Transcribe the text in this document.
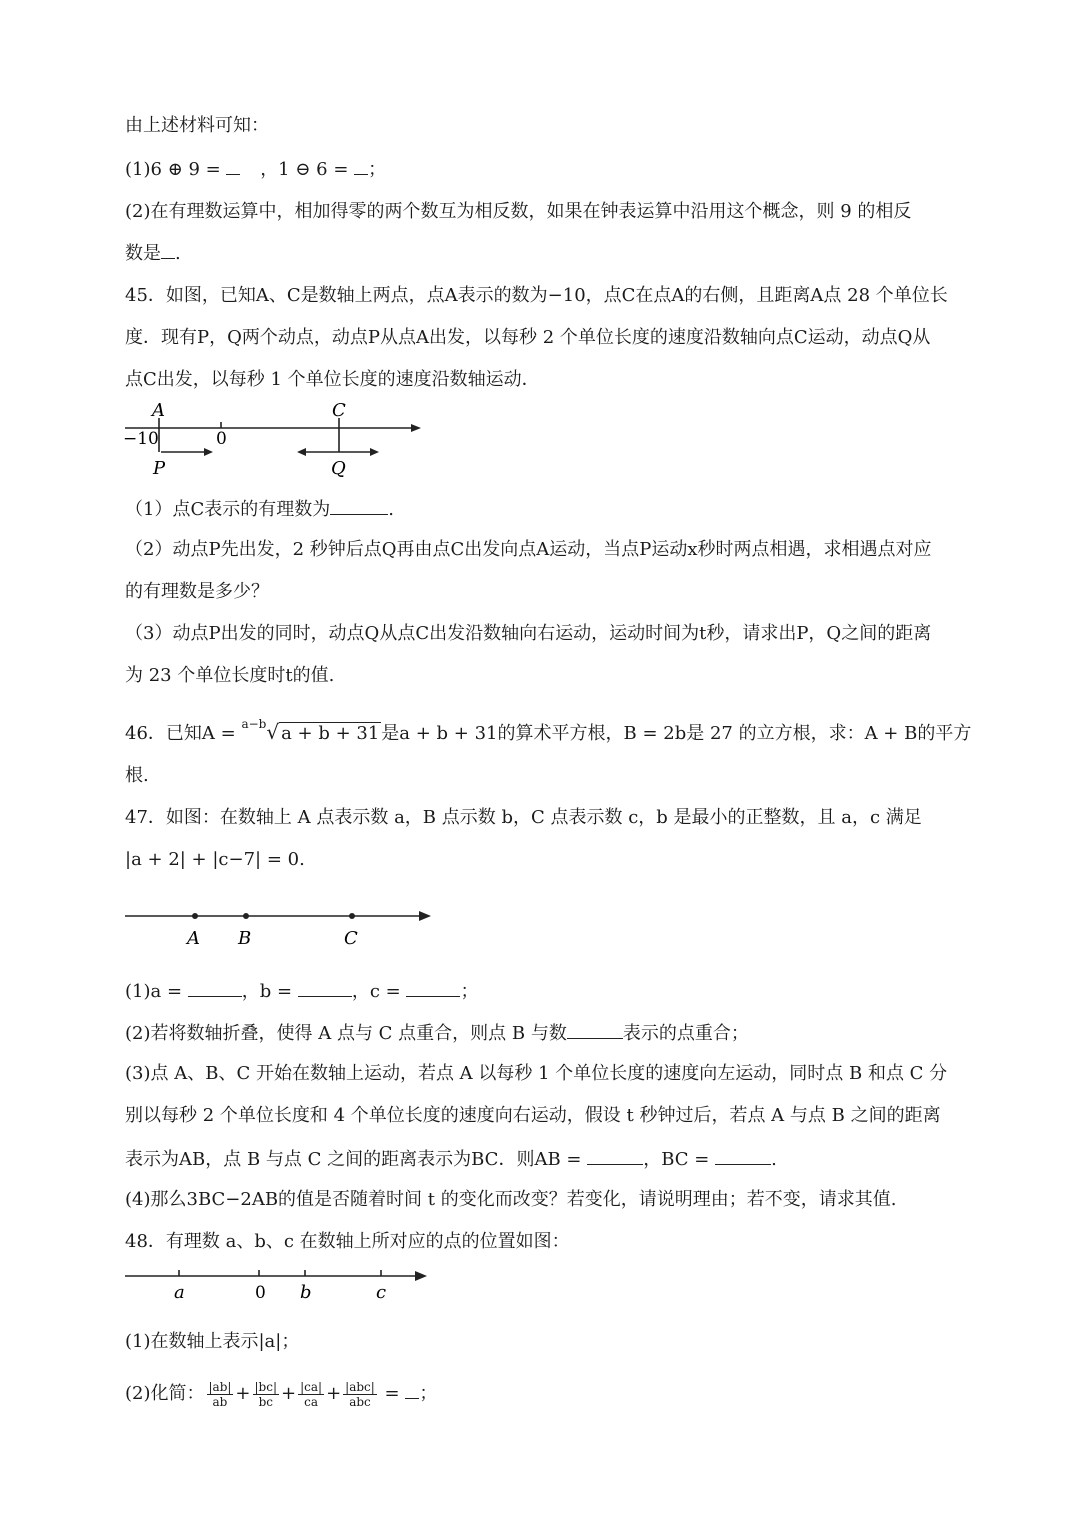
由上述材料可知：
(1)6 ⊕ 9 =  ，1 ⊖ 6 = ；
(2)在有理数运算中，相加得零的两个数互为相反数，如果在钟表运算中沿用这个概念，则 9 的相反
数是 .
45．如图，已知A、C是数轴上两点，点A表示的数为−10，点C在点A的右侧，且距离A点 28 个单位长
度．现有P，Q两个动点，动点P从点A出发，以每秒 2 个单位长度的速度沿数轴向点C运动，动点Q从
点C出发，以每秒 1 个单位长度的速度沿数轴运动．
A	C
−10	0
P	Q
（1）点C表示的有理数为	.
（2）动点P先出发，2 秒钟后点Q再由点C出发向点A运动，当点P运动x秒时两点相遇，求相遇点对应
的有理数是多少？
（3）动点P出发的同时，动点Q从点C出发沿数轴向右运动，运动时间为t秒，请求出P，Q之间的距离
为 23 个单位长度时t的值.
46．已知A = $^{a-b}$√ a + b + 31 是a + b + 31的算术平方根，B = 2b是 27 的立方根，求：A + B的平方
根.
47．如图：在数轴上 A 点表示数 a，B 点示数 b，C 点表示数 c，b 是最小的正整数，且 a，c 满足
|a + 2| + |c−7| = 0.
A B	C
(1)a =	，b =	，c =	；
(2)若将数轴折叠，使得 A 点与 C 点重合，则点 B 与数	表示的点重合；
(3)点 A、B、C 开始在数轴上运动，若点 A 以每秒 1 个单位长度的速度向左运动，同时点 B 和点 C 分
别以每秒 2 个单位长度和 4 个单位长度的速度向右运动，假设 t 秒钟过后，若点 A 与点 B 之间的距离
表示为AB，点 B 与点 C 之间的距离表示为BC．则AB =	，BC =	.
(4)那么3BC−2AB的值是否随着时间 t 的变化而改变？若变化，请说明理由；若不变，请求其值.
48．有理数 a、b、c 在数轴上所对应的点的位置如图：
a	0 b	c
(1)在数轴上表示|a|；
(2)化简： $\frac{|ab|}{ab} + \frac{|bc|}{bc} + \frac{|ca|}{ca} + \frac{\text{|abc|}}{\text{abc}}$ = ；
